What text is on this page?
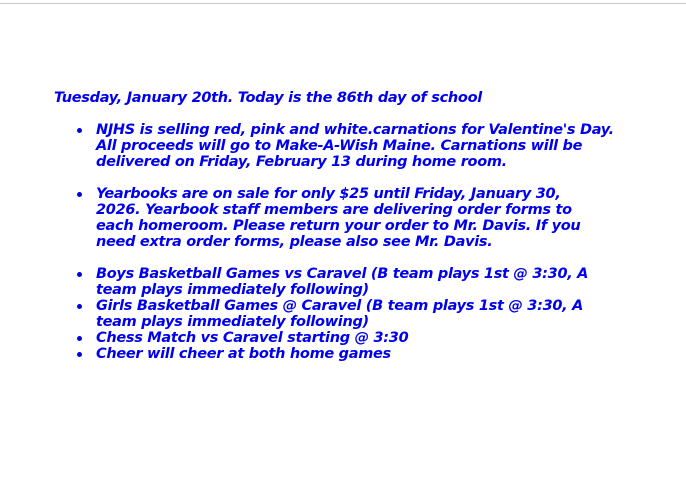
Tuesday, January 20th. Today is the 86th day of school
NJHS is selling red, pink and white.carnations for Valentine's Day. All proceeds will go to Make-A-Wish Maine. Carnations will be delivered on Friday, February 13 during home room.
Yearbooks are on sale for only $25 until Friday, January 30, 2026. Yearbook staff members are delivering order forms to each homeroom. Please return your order to Mr. Davis. If you need extra order forms, please also see Mr. Davis.
Boys Basketball Games vs Caravel (B team plays 1st @ 3:30, A team plays immediately following)
Girls Basketball Games @ Caravel (B team plays 1st @ 3:30, A team plays immediately following)
Chess Match vs Caravel starting @ 3:30
Cheer will cheer at both home games
